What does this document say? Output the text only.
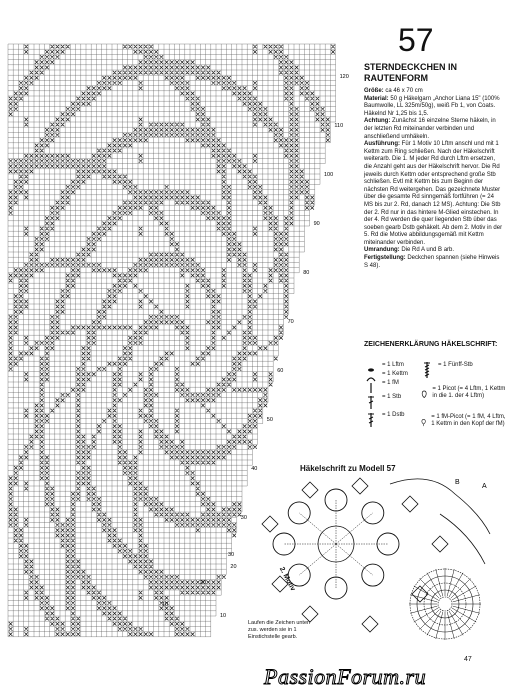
120
110
100
90
80
70
60
50
40
30
20
10
10
20
30
57
STERNDECKCHEN IN RAUTENFORM
Größe: ca 46 x 70 cm
Material: 50 g Häkelgarn „Anchor Liana 15" (100% Baumwolle, LL 325m/50g), weiß Fb 1, von Coats. Häkelnd Nr 1,25 bis 1,5.
Achtung: Zunächst 16 einzelne Sterne häkeln, in der letzten Rd miteinander verbinden und anschließend umhäkeln.
Ausführung: Für 1 Motiv 10 Lftm anschl und mit 1 Kettm zum Ring schließen. Nach der Häkelschrift weiterarb. Die 1. M jeder Rd durch Lftm ersetzen, die Anzahl geht aus der Häkelschrift hervor. Die Rd jeweils durch Kettm oder entsprechend große Stb schließen. Evtl mit Kettm bis zum Beginn der nächsten Rd weitergehen. Das gezeichnete Muster über die gesamte Rd sinngemäß fortführen (= 24 MS bis zur 2. Rd, danach 12 MS). Achtung: Die Stb der 2. Rd nur in das hintere M-Glied einstechen. In der 4. Rd werden die quer liegenden Stb über das soeben gearb Dstb gehäkelt. Ab dem 2. Motiv in der 5. Rd die Motive abbildungsgemäß mit Kettm miteinander verbinden.
Umrandung: Die Rd A und B arb.
Fertigstellung: Deckchen spannen (siehe Hinweis S 48).
ZEICHENERKLÄRUNG HÄKELSCHRIFT:
= 1 Lftm
= 1 Kettm
= 1 fM
= 1 Stb
= 1 Dstb
= 1 Fünff-Stb
= 1 Picot (= 4 Lftm, 1 Kettm in die 1. der 4 Lftm)
= 1 fM-Picot (= 1 fM, 4 Lftm, 1 Kettm in den Kopf der fM)
Häkelschrift zu Modell 57
A
B
2. Motiv
Laufen die Zeichen unten zus. werden sie in 1 Einstichstelle gearb.
47
PassionForum.ru
